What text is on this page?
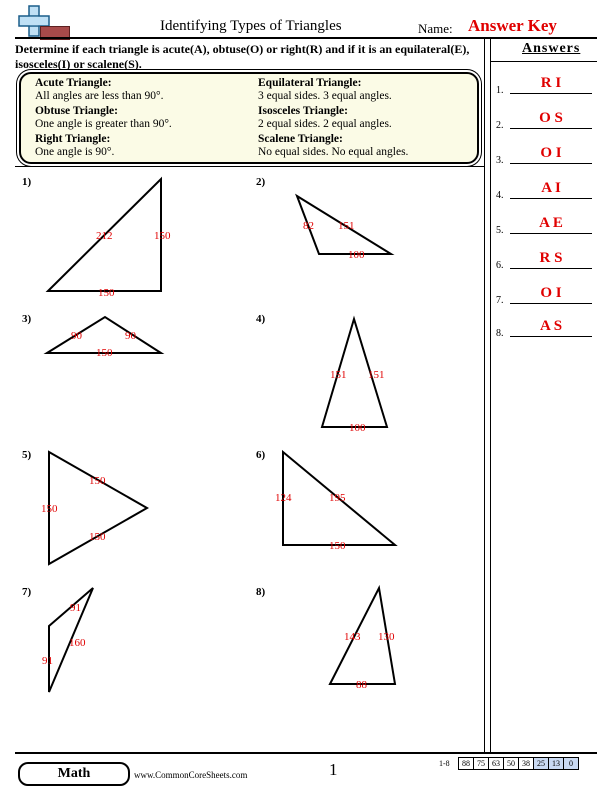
Identifying Types of Triangles	Name: Answer Key
Determine if each triangle is acute(A), obtuse(O) or right(R) and if it is an equilateral(E), isosceles(I) or scalene(S).
Acute Triangle:
All angles are less than 90°.
Obtuse Triangle:
One angle is greater than 90°.
Right Triangle:
One angle is 90°.
Equilateral Triangle:
3 equal sides. 3 equal angles.
Isosceles Triangle:
2 equal sides. 2 equal angles.
Scalene Triangle:
No equal sides. No equal angles.
Answers
1.	R I
2.	O S
3.	O I
4.	A I
5.	A E
6.	R S
7.	O I
8.	A S
1)	2)
3)	4)
5)	6)
7)	8)
212	150
150
82 151
100
90	90
150
151 151
100
150
150
150
124	195
150
91
160
91
143 130
88
Math	www.CommonCoreSheets.com	1	1-8 88	75	63	50	38	25	13	0
